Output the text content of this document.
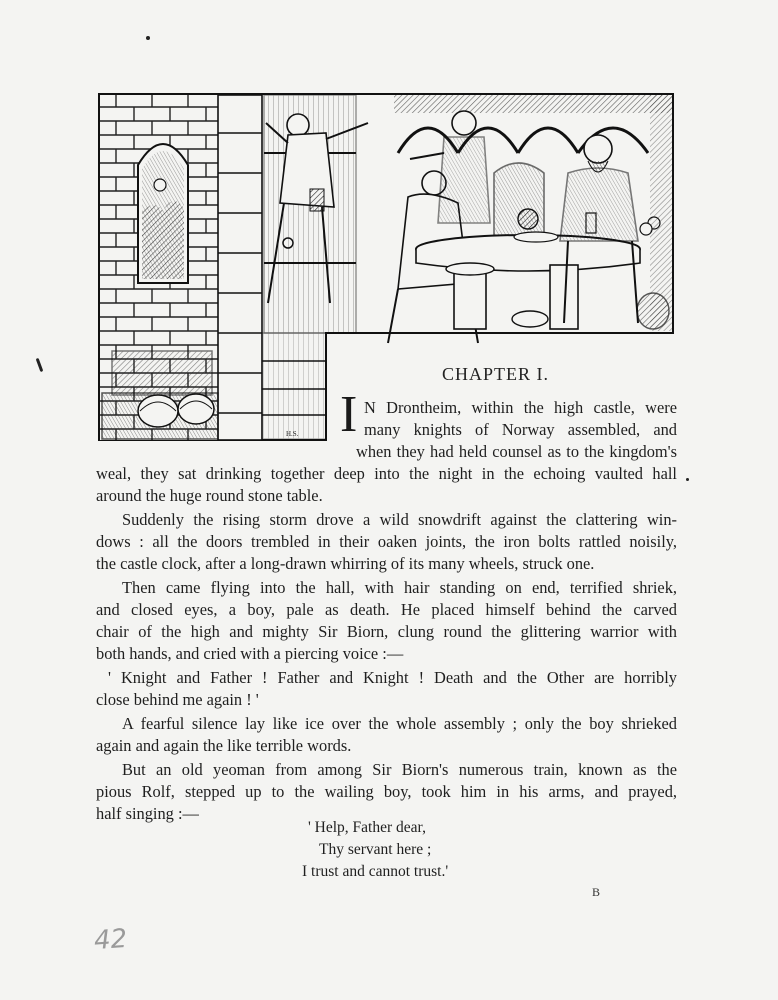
H.S.
CHAPTER I.
I N Drontheim, within the high castle, were
many knights of Norway assembled, and
when they had held counsel as to the kingdom's
weal, they sat drinking together deep into the night in the echoing vaulted hall
around the huge round stone table.
Suddenly the rising storm drove a wild snowdrift against the clattering win-
dows : all the doors trembled in their oaken joints, the iron bolts rattled noisily,
the castle clock, after a long-drawn whirring of its many wheels, struck one.
Then came flying into the hall, with hair standing on end, terrified shriek,
and closed eyes, a boy, pale as death. He placed himself behind the carved
chair of the high and mighty Sir Biorn, clung round the glittering warrior with
both hands, and cried with a piercing voice :—
' Knight and Father ! Father and Knight ! Death and the Other are horribly
close behind me again ! '
A fearful silence lay like ice over the whole assembly ; only the boy shrieked
again and again the like terrible words.
But an old yeoman from among Sir Biorn's numerous train, known as the
pious Rolf, stepped up to the wailing boy, took him in his arms, and prayed,
half singing :—
' Help, Father dear,
Thy servant here ;
I trust and cannot trust.'
B
42
